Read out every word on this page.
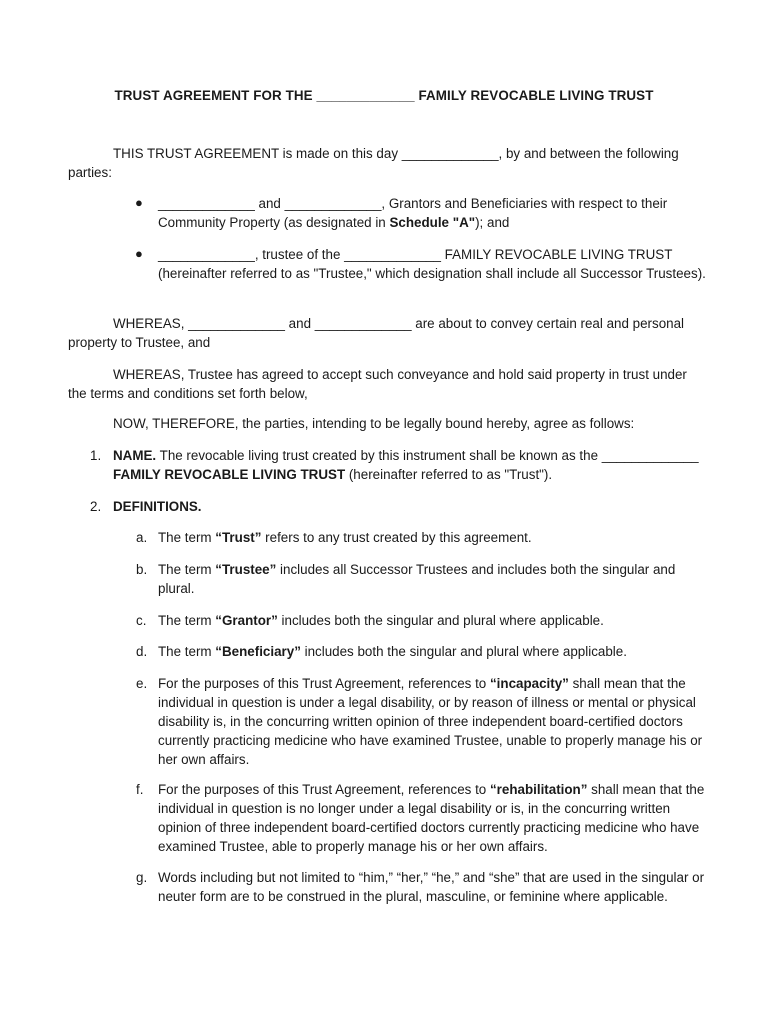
TRUST AGREEMENT FOR THE _____________ FAMILY REVOCABLE LIVING TRUST

THIS TRUST AGREEMENT is made on this day _____________, by and between the following parties:

● _____________ and _____________, Grantors and Beneficiaries with respect to their Community Property (as designated in Schedule "A"); and

● _____________, trustee of the _____________ FAMILY REVOCABLE LIVING TRUST (hereinafter referred to as "Trustee," which designation shall include all Successor Trustees).

WHEREAS, _____________ and _____________ are about to convey certain real and personal property to Trustee, and

WHEREAS, Trustee has agreed to accept such conveyance and hold said property in trust under the terms and conditions set forth below,

NOW, THEREFORE, the parties, intending to be legally bound hereby, agree as follows:

1. NAME. The revocable living trust created by this instrument shall be known as the _____________ FAMILY REVOCABLE LIVING TRUST (hereinafter referred to as "Trust").

2. DEFINITIONS.

a. The term “Trust” refers to any trust created by this agreement.

b. The term “Trustee” includes all Successor Trustees and includes both the singular and plural.

c. The term “Grantor” includes both the singular and plural where applicable.

d. The term “Beneficiary” includes both the singular and plural where applicable.

e. For the purposes of this Trust Agreement, references to “incapacity” shall mean that the individual in question is under a legal disability, or by reason of illness or mental or physical disability is, in the concurring written opinion of three independent board-certified doctors currently practicing medicine who have examined Trustee, unable to properly manage his or her own affairs.

f. For the purposes of this Trust Agreement, references to “rehabilitation” shall mean that the individual in question is no longer under a legal disability or is, in the concurring written opinion of three independent board-certified doctors currently practicing medicine who have examined Trustee, able to properly manage his or her own affairs.

g. Words including but not limited to “him,” “her,” “he,” and “she” that are used in the singular or neuter form are to be construed in the plural, masculine, or feminine where applicable.
